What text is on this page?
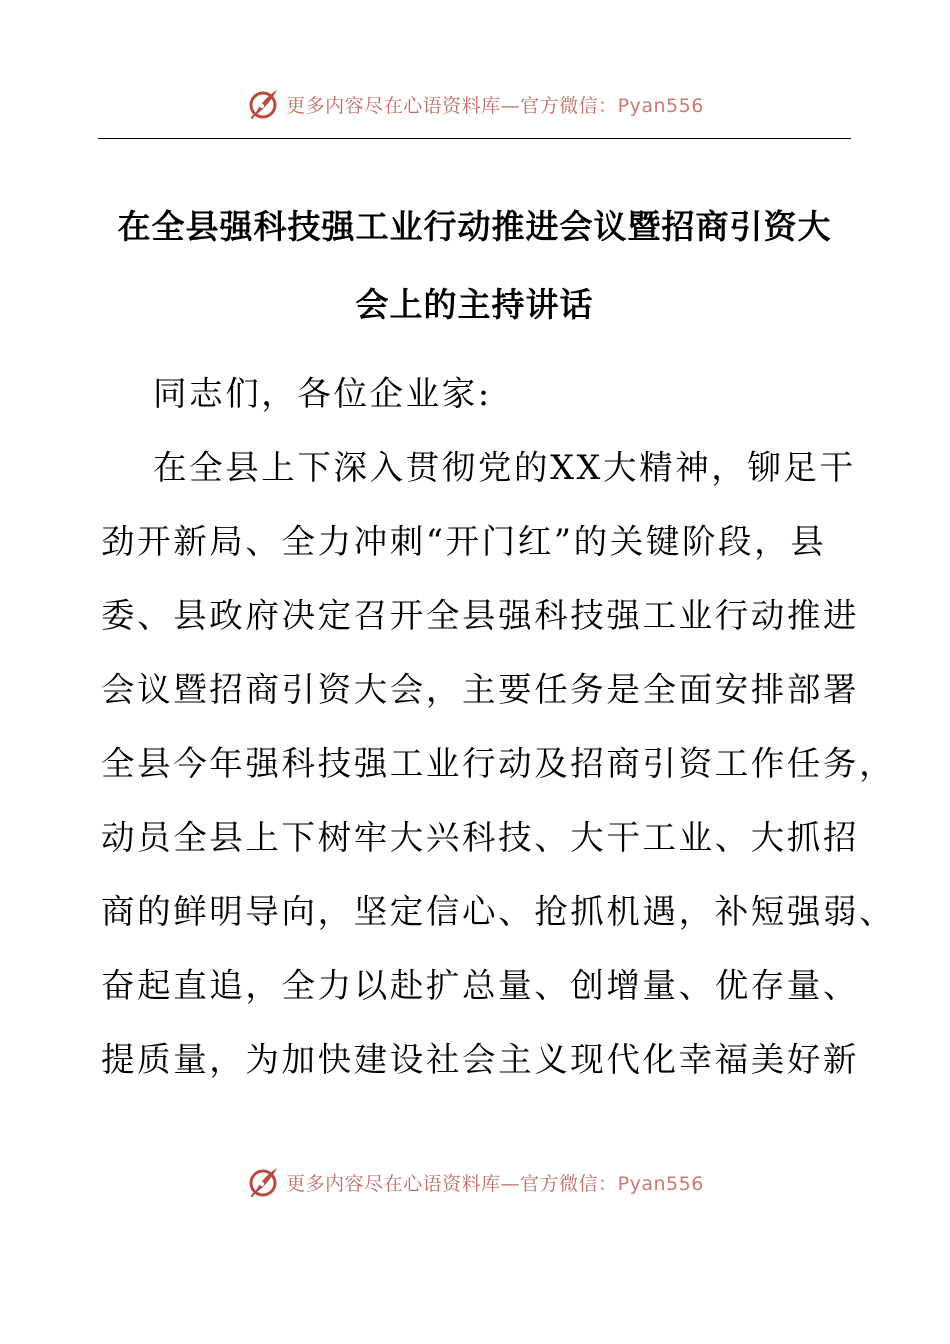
更多内容尽在心语资料库—官方微信：Pyan556
在全县强科技强工业行动推进会议暨招商引资大
会上的主持讲话
同志们，各位企业家:
在全县上下深入贯彻党的XX大精神，铆足干
劲开新局、全力冲刺“开门红”的关键阶段，县
委、县政府决定召开全县强科技强工业行动推进
会议暨招商引资大会，主要任务是全面安排部署
全县今年强科技强工业行动及招商引资工作任务，
动员全县上下树牢大兴科技、大干工业、大抓招
商的鲜明导向，坚定信心、抢抓机遇，补短强弱、
奋起直追，全力以赴扩总量、创增量、优存量、
提质量，为加快建设社会主义现代化幸福美好新
更多内容尽在心语资料库—官方微信：Pyan556
